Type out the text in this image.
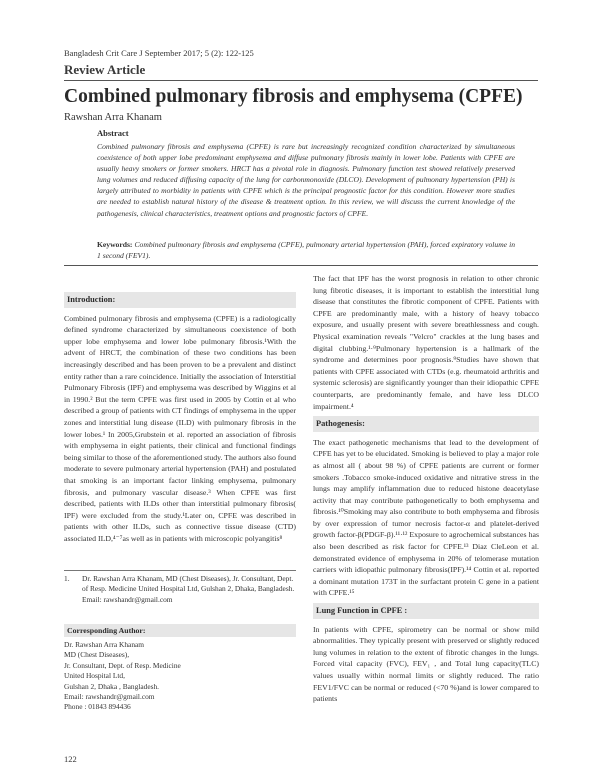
Bangladesh Crit Care J September 2017; 5 (2): 122-125
Review Article
Combined pulmonary fibrosis and emphysema (CPFE)
Rawshan Arra Khanam
Abstract
Combined pulmonary fibrosis and emphysema (CPFE) is rare but increasingly recognized condition characterized by simultaneous coexistence of both upper lobe predominant emphysema and diffuse pulmonary fibrosis mainly in lower lobe. Patients with CPFE are usually heavy smokers or former smokers. HRCT has a pivotal role in diagnosis. Pulmonary function test showed relatively preserved lung volumes and reduced diffusing capacity of the lung for carbonmonoxide (DLCO). Development of pulmonary hypertension (PH) is largely attributed to morbidity in patients with CPFE which is the principal prognostic factor for this condition. However more studies are needed to establish natural history of the disease & treatment option. In this review, we will discuss the current knowledge of the pathogenesis, clinical characteristics, treatment options and prognostic factors of CPFE.
Keywords: Combined pulmonary fibrosis and emphysema (CPFE), pulmonary arterial hypertension (PAH), forced expiratory volume in 1 second (FEV1).
Introduction:

Combined pulmonary fibrosis and emphysema (CPFE) is a radiologically defined syndrome characterized by simultaneous coexistence of both upper lobe emphysema and lower lobe pulmonary fibrosis.¹With the advent of HRCT, the combination of these two conditions has been increasingly described and has been proven to be a prevalent and distinct entity rather than a rare coincidence. Initially the association of Interstitial Pulmonary Fibrosis (IPF) and emphysema was described by Wiggins et al in 1990.² But the term CPFE was first used in 2005 by Cottin et al who described a group of patients with CT findings of emphysema in the upper zones and interstitial lung disease (ILD) with pulmonary fibrosis in the lower lobes.¹ In 2005,Grubstein et al. reported an association of fibrosis with emphysema in eight patients, their clinical and functional findings being similar to those of the aforementioned study. The authors also found moderate to severe pulmonary arterial hypertension (PAH) and postulated that smoking is an important factor linking emphysema, pulmonary fibrosis, and pulmonary vascular disease.³ When CPFE was first described, patients with ILDs other than interstitial pulmonary fibrosis( IPF) were excluded from the study.¹Later on, CPFE was described in patients with other ILDs, such as connective tissue disease (CTD) associated ILD,⁴⁻⁷as well as in patients with microscopic polyangitis⁸

1. Dr. Rawshan Arra Khanam, MD (Chest Diseases), Jr. Consultant, Dept. of Resp. Medicine United Hospital Ltd, Gulshan 2, Dhaka, Bangladesh. Email: rawshandr@gmail.com
Corresponding Author:
Dr. Rawshan Arra Khanam
MD (Chest Diseases),
Jr. Consultant, Dept. of Resp. Medicine
United Hospital Ltd,
Gulshan 2, Dhaka , Bangladesh.
Email: rawshandr@gmail.com
Phone : 01843 894436

The fact that IPF has the worst prognosis in relation to other chronic lung fibrotic diseases, it is important to establish the interstitial lung disease that constitutes the fibrotic component of CPFE. Patients with CPFE are predominantly male, with a history of heavy tobacco exposure, and usually present with severe breathlessness and cough. Physical examination reveals "Velcro" crackles at the lung bases and digital clubbing.¹·⁹Pulmonary hypertension is a hallmark of the syndrome and determines poor prognosis.⁹Studies have shown that patients with CPFE associated with CTDs (e.g. rheumatoid arthritis and systemic sclerosis) are significantly younger than their idiopathic CPFE counterparts, are predominantly female, and have less DLCO impairment.⁴

Pathogenesis:

The exact pathogenetic mechanisms that lead to the development of CPFE has yet to be elucidated. Smoking is believed to play a major role as almost all ( about 98 %) of CPFE patients are current or former smokers .Tobacco smoke-induced oxidative and nitrative stress in the lungs may amplify inflammation due to reduced histone deacetylase activity that may contribute pathogenetically to both emphysema and fibrosis.¹⁰Smoking may also contribute to both emphysema and fibrosis by over expression of tumor necrosis factor-α and platelet-derived growth factor-β(PDGF-β).¹¹·¹² Exposure to agrochemical substances has also been described as risk factor for CPFE.¹³ Diaz CleLeon et al. demonstrated evidence of emphysema in 20% of telomerase mutation carriers with idiopathic pulmonary fibrosis(IPF).¹⁴ Cottin et al. reported a dominant mutation 173T in the surfactant protein C gene in a patient with CPFE.¹⁵

Lung Function in CPFE :

In patients with CPFE, spirometry can be normal or show mild abnormalities. They typically present with preserved or slightly reduced lung volumes in relation to the extent of fibrotic changes in the lungs. Forced vital capacity (FVC), FEV₁ , and Total lung capacity(TLC) values usually within normal limits or slightly reduced. The ratio FEV1/FVC can be normal or reduced (<70 %)and is lower compared to patients

122
